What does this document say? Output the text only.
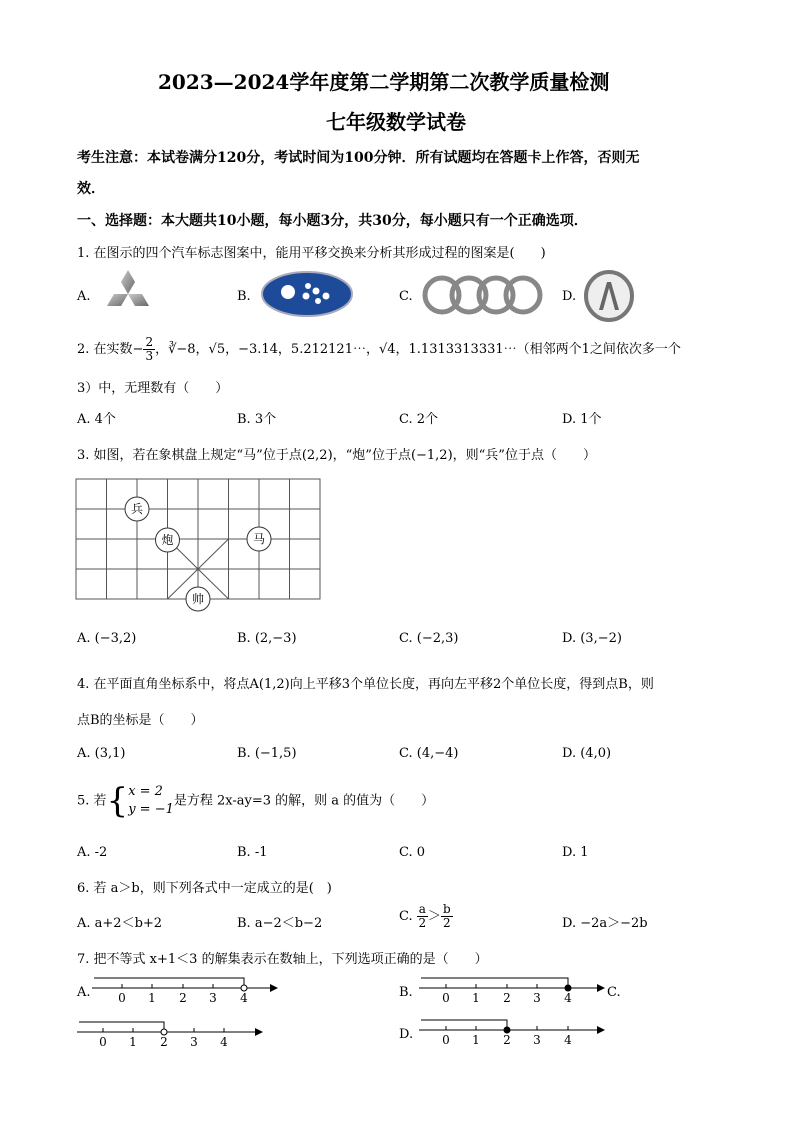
2023—2024学年度第二学期第二次教学质量检测
七年级数学试卷
考生注意：本试卷满分120分，考试时间为100分钟．所有试题均在答题卡上作答，否则无
效．
一、选择题：本大题共10小题，每小题3分，共30分，每小题只有一个正确选项．
1. 在图示的四个汽车标志图案中，能用平移交换来分析其形成过程的图案是(　　)
A.	B.	C.	D.
2. 在实数− $\frac{2}{3}$ ，∛−8，√5，−3.14，5.212121⋯，√4，1.1313313331⋯（相邻两个1之间依次多一个
3）中，无理数有（　　）
A. 4个	B. 3个	C. 2个	D. 1个
3. 如图，若在象棋盘上规定“马”位于点(2,2)，“炮”位于点(−1,2)，则“兵”位于点（　　）
兵
炮	马
帅
A. (−3,2)	B. (2,−3)	C. (−2,3)	D. (3,−2)
4. 在平面直角坐标系中，将点A(1,2)向上平移3个单位长度，再向左平移2个单位长度，得到点B，则
点B的坐标是（　　）
A. (3,1)	B. (−1,5)	C. (4,−4)	D. (4,0)
5. 若{ x = 2
y = −1
是方程 2x-ay=3 的解，则 a 的值为（　　）
A. -2	B. -1	C. 0	D. 1
6. 若 a＞b，则下列各式中一定成立的是(　)
A. a+2＜b+2	B. a−2＜b−2	C. $\frac{a}{2} > \frac{b}{2}$	D. −2a＞−2b
7. 把不等式 x+1＜3 的解集表示在数轴上，下列选项正确的是（　　）
A. 0 1 2 3 4	B. 0 1 2 3 4	C.
0 1 2 3 4	D. 0 1 2 3 4
